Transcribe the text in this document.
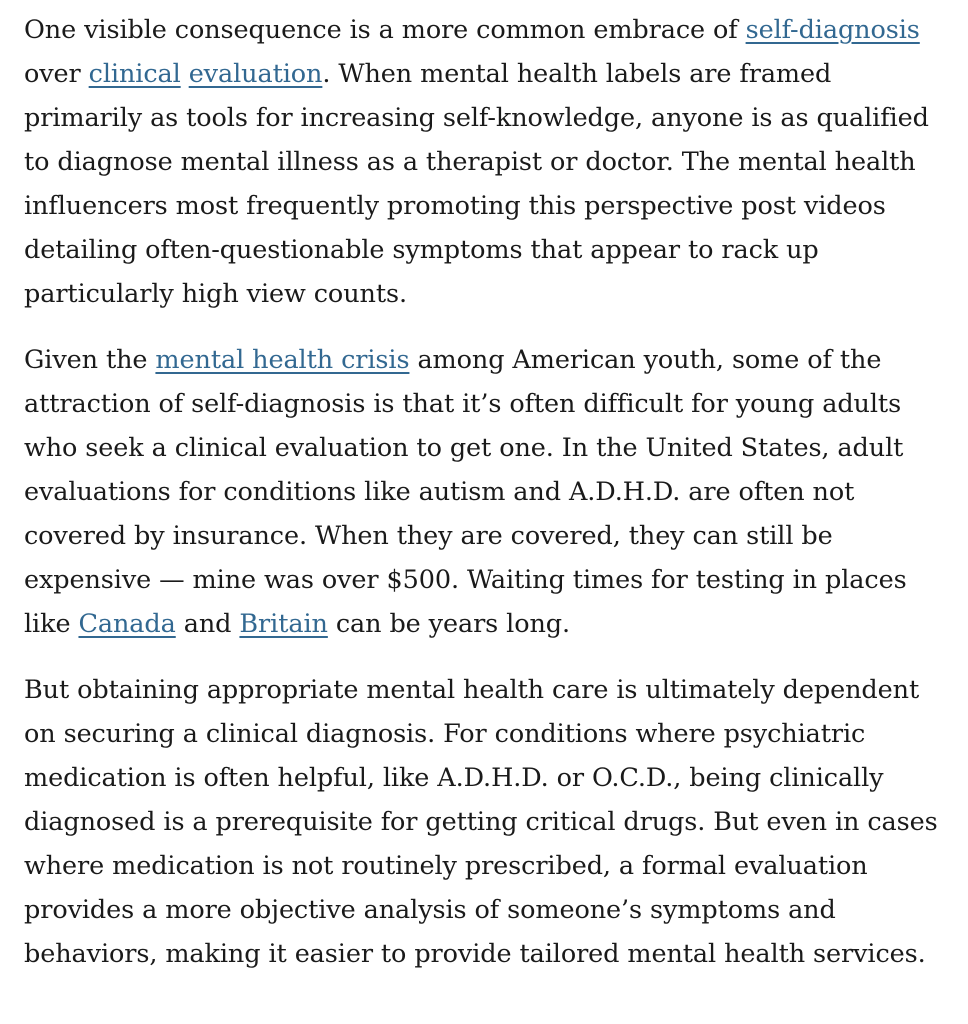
One visible consequence is a more common embrace of self-diagnosis over clinical evaluation. When mental health labels are framed primarily as tools for increasing self-knowledge, anyone is as qualified to diagnose mental illness as a therapist or doctor. The mental health influencers most frequently promoting this perspective post videos detailing often-questionable symptoms that appear to rack up particularly high view counts.

Given the mental health crisis among American youth, some of the attraction of self-diagnosis is that it’s often difficult for young adults who seek a clinical evaluation to get one. In the United States, adult evaluations for conditions like autism and A.D.H.D. are often not covered by insurance. When they are covered, they can still be expensive — mine was over $500. Waiting times for testing in places like Canada and Britain can be years long.

But obtaining appropriate mental health care is ultimately dependent on securing a clinical diagnosis. For conditions where psychiatric medication is often helpful, like A.D.H.D. or O.C.D., being clinically diagnosed is a prerequisite for getting critical drugs. But even in cases where medication is not routinely prescribed, a formal evaluation provides a more objective analysis of someone’s symptoms and behaviors, making it easier to provide tailored mental health services.
